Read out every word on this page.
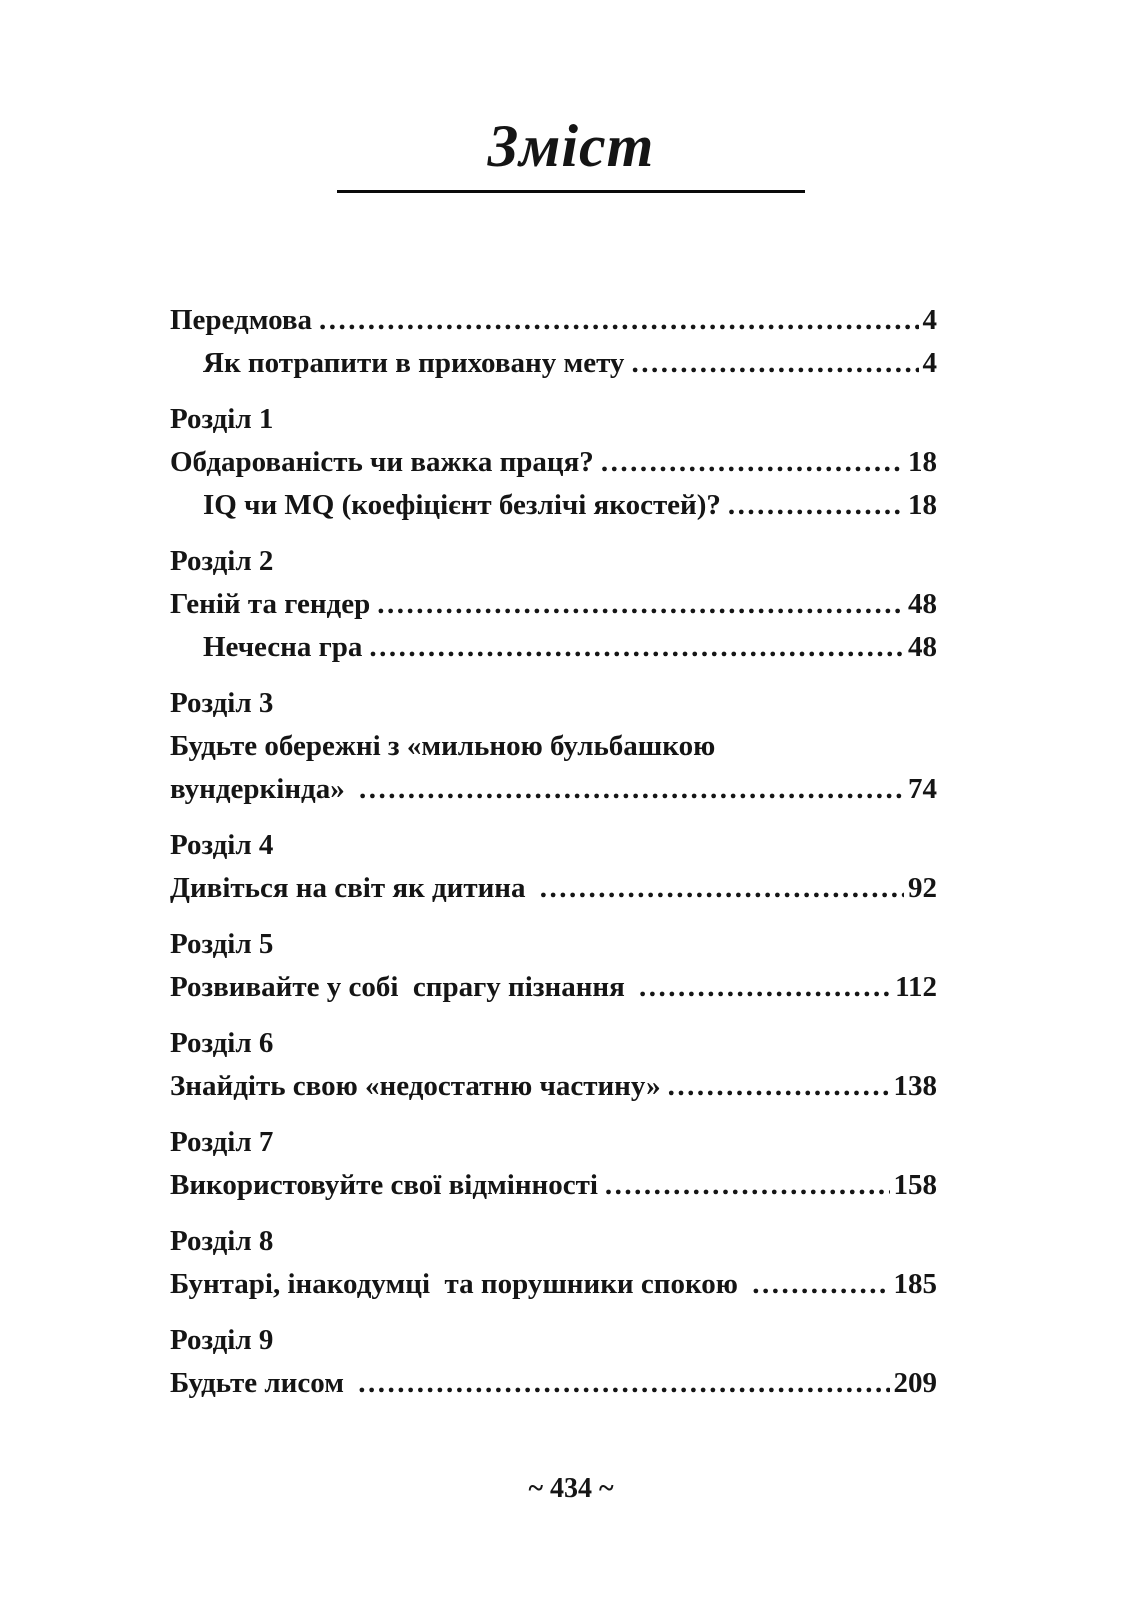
Зміст
Передмова .....	4
Як потрапити в приховану мету .....	4
Розділ 1
Обдарованість чи важка праця? .....	18
IQ чи MQ (коефіцієнт безлічі якостей)? .....	18
Розділ 2
Геній та гендер .....	48
Нечесна гра .....	48
Розділ 3
Будьте обережні з «мильною бульбашкою
вундеркінда» .....	74
Розділ 4
Дивіться на світ як дитина .....	92
Розділ 5
Розвивайте у собі  спрагу пізнання .....	112
Розділ 6
Знайдіть свою «недостатню частину» .....	138
Розділ 7
Використовуйте свої відмінності .....	158
Розділ 8
Бунтарі, інакодумці  та порушники спокою .....	185
Розділ 9
Будьте лисом .....	209
~ 434 ~
